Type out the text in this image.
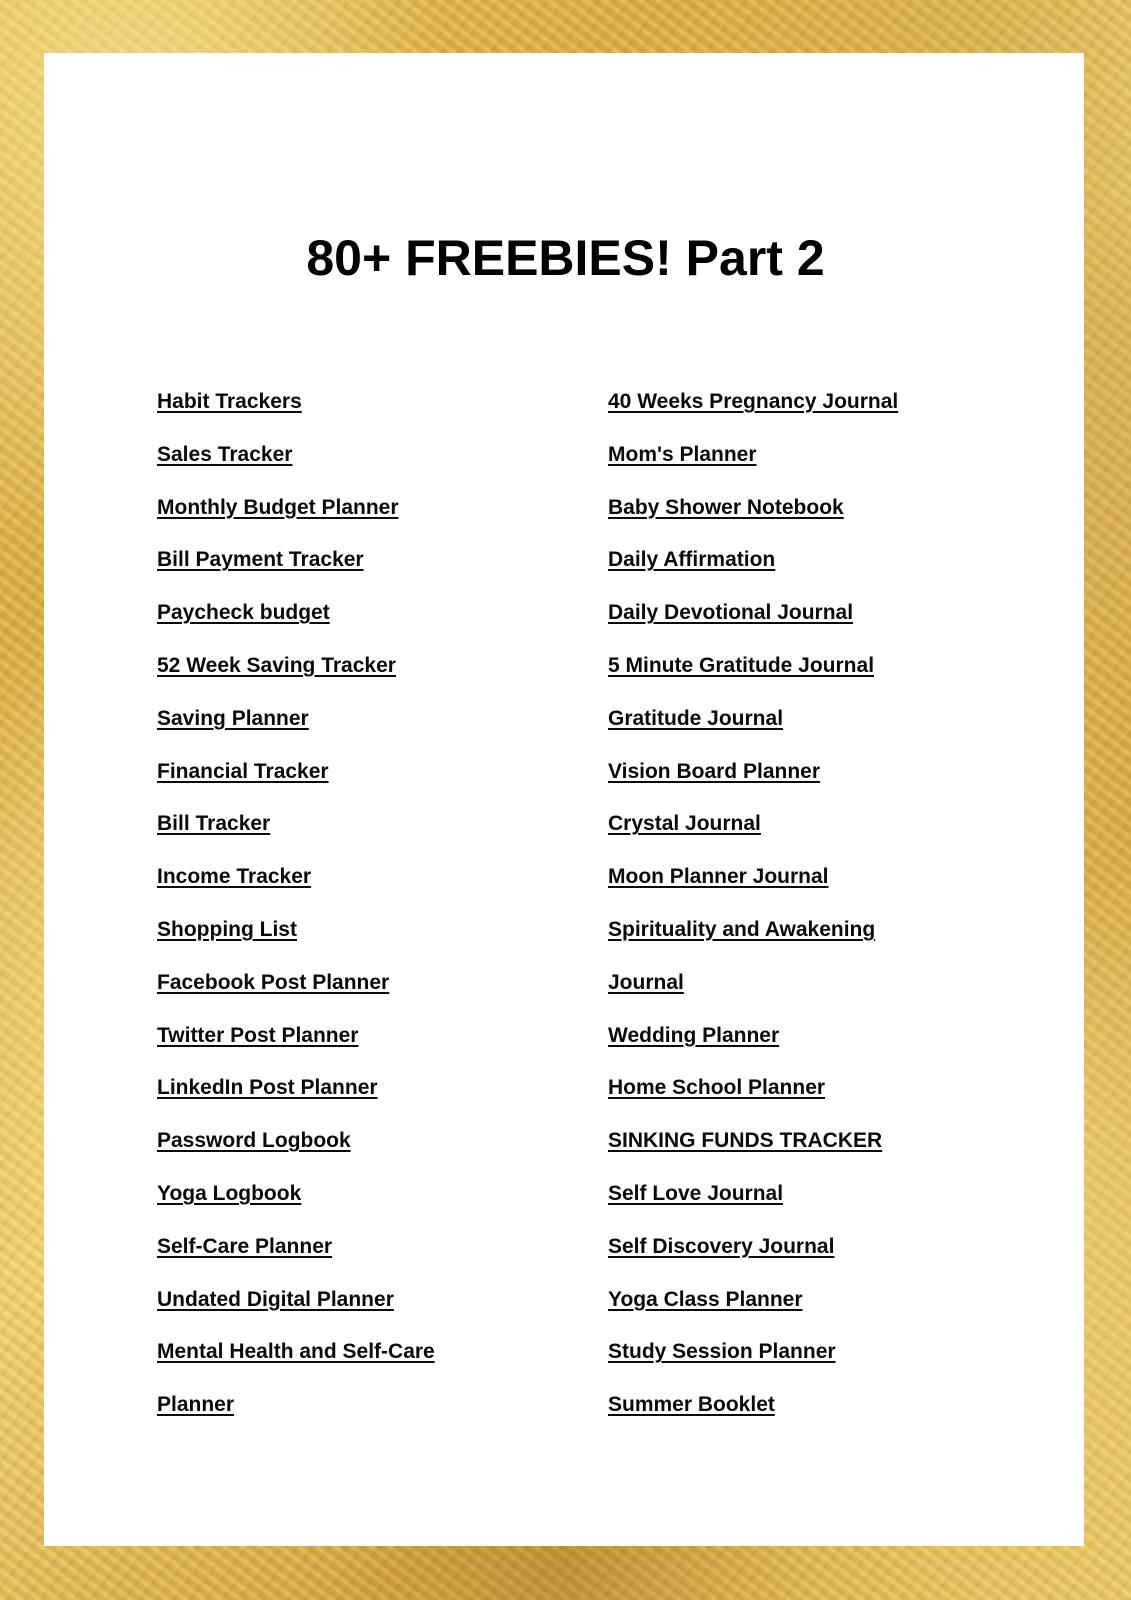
80+ FREEBIES! Part 2
Habit Trackers
Sales Tracker
Monthly Budget Planner
Bill Payment Tracker
Paycheck budget
52 Week Saving Tracker
Saving Planner
Financial Tracker
Bill Tracker
Income Tracker
Shopping List
Facebook Post Planner
Twitter Post Planner
LinkedIn Post Planner
Password Logbook
Yoga Logbook
Self-Care Planner
Undated Digital Planner
Mental Health and Self-Care
Planner
40 Weeks Pregnancy Journal
Mom's Planner
Baby Shower Notebook
Daily Affirmation
Daily Devotional Journal
5 Minute Gratitude Journal
Gratitude Journal
Vision Board Planner
Crystal Journal
Moon Planner Journal
Spirituality and Awakening
Journal
Wedding Planner
Home School Planner
SINKING FUNDS TRACKER
Self Love Journal
Self Discovery Journal
Yoga Class Planner
Study Session Planner
Summer Booklet
